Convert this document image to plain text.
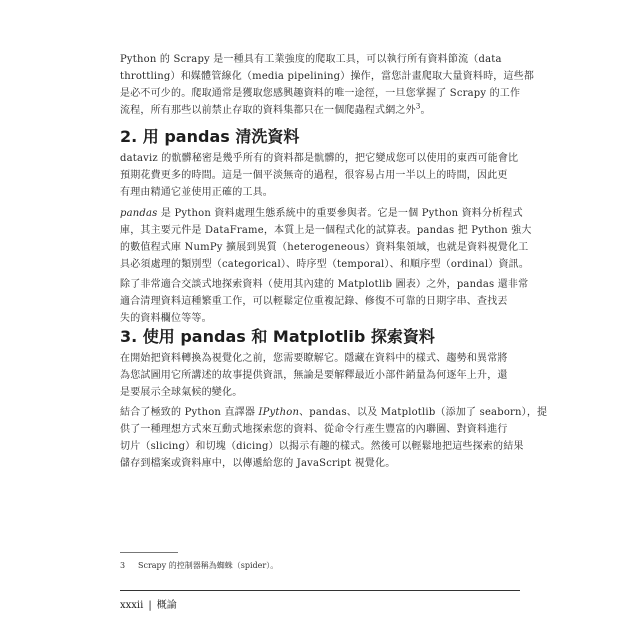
Python 的 Scrapy 是一種具有工業強度的爬取工具，可以執行所有資料節流（data
throttling）和媒體管線化（media pipelining）操作，當您計畫爬取大量資料時，這些都
是必不可少的。爬取通常是獲取您感興趣資料的唯一途徑，一旦您掌握了 Scrapy 的工作
流程，所有那些以前禁止存取的資料集都只在一個爬蟲程式網之外$^3$。

2. 用 pandas 清洗資料

dataviz 的骯髒秘密是幾乎所有的資料都是骯髒的，把它變成您可以使用的東西可能會比
預期花費更多的時間。這是一個平淡無奇的過程，很容易占用一半以上的時間，因此更
有理由精通它並使用正確的工具。

pandas 是 Python 資料處理生態系統中的重要參與者。它是一個 Python 資料分析程式
庫，其主要元件是 DataFrame，本質上是一個程式化的試算表。pandas 把 Python 強大
的數值程式庫 NumPy 擴展到異質（heterogeneous）資料集領域，也就是資料視覺化工
具必須處理的類別型（categorical）、時序型（temporal）、和順序型（ordinal）資訊。

除了非常適合交談式地探索資料（使用其內建的 Matplotlib 圖表）之外，pandas 還非常
適合清理資料這種繁重工作，可以輕鬆定位重複記錄、修復不可靠的日期字串、查找丟
失的資料欄位等等。

3. 使用 pandas 和 Matplotlib 探索資料

在開始把資料轉換為視覺化之前，您需要瞭解它。隱藏在資料中的樣式、趨勢和異常將
為您試圖用它所講述的故事提供資訊，無論是要解釋最近小部件銷量為何逐年上升，還
是要展示全球氣候的變化。

結合了極致的 Python 直譯器 IPython、pandas、以及 Matplotlib（添加了 seaborn），提
供了一種理想方式來互動式地探索您的資料、從命令行產生豐富的內聯圖、對資料進行
切片（slicing）和切塊（dicing）以揭示有趣的樣式。然後可以輕鬆地把這些探索的結果
儲存到檔案或資料庫中，以傳遞給您的 JavaScript 視覺化。

3 Scrapy 的控制器稱為蜘蛛（spider）。
xxxii | 概論
